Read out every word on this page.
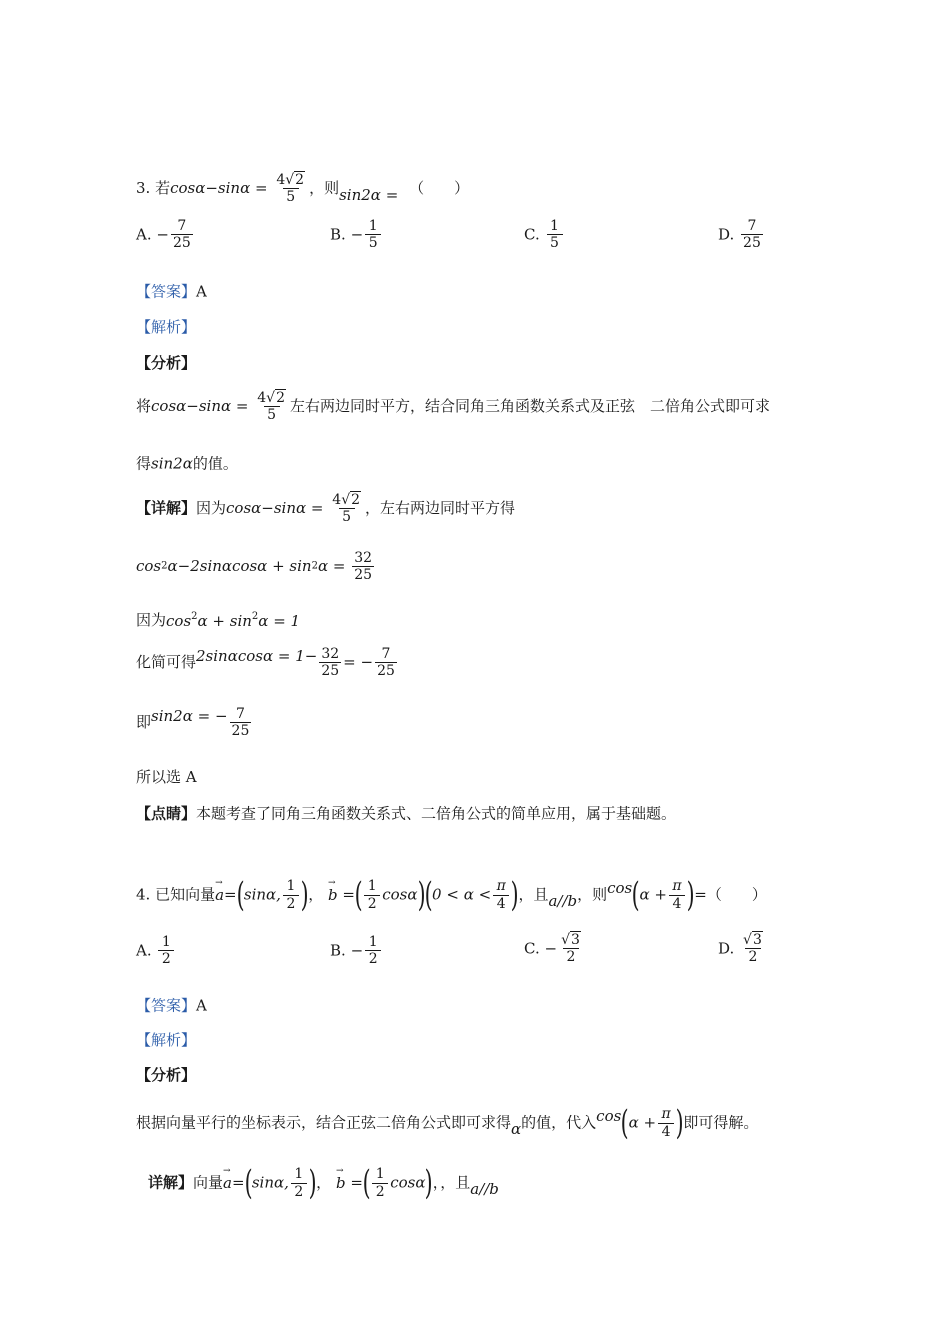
3. 若$\cos\alpha-\sin\alpha = \frac{4√2}{5}$ ，则sin2α = （　　）
A. − $\frac{7}{25}$	B. − $\frac{1}{5}$	C. $\frac{1}{5}$	D. $\frac{7}{25}$
【答案】A
【解析】
【分析】
将$\cos\alpha-\sin\alpha = \frac{4√2}{5}$ 左右两边同时平方，结合同角三角函数关系式及正弦　二倍角公式即可求
得sin2α的值。
【详解】因为$\cos\alpha-\sin\alpha = \frac{4√2}{5}$ ，左右两边同时平方得
$\cos 2\alpha-2\sin\alpha\cos\alpha + \sin 2\alpha = \frac{32}{25}$
因为$\cos^2\alpha + \sin^2\alpha = 1$
化简可得$2\sin\alpha\cos\alpha = 1- \frac{32}{25}$ = − $\frac{7}{25}$
即sin2α = − $\frac{7}{25}$
所以选 A
【点睛】本题考查了同角三角函数关系式、二倍角公式的简单应用，属于基础题。
4. 已知向量→ a=(sinα, $\frac{1}{2}$ )， → b =( $\frac{1}{2} \cos\alpha)(0 < \alpha < \frac{\pi}{4}$ )，且a//b，则$\cos(\alpha + \frac{\pi}{4}$ )=（　　）
A. $\frac{1}{2}$	B. − $\frac{1}{2}$	C. − $\frac{√3}{2}$	D. $\frac{√3}{2}$
【答案】A
【解析】
【分析】
根据向量平行的坐标表示，结合正弦二倍角公式即可求得α的值，代入$\cos(\alpha + \frac{\pi}{4}$ )即可得解。
详解】向量→ a=(sinα, $\frac{1}{2}$ )， → b =( $\frac{1}{2} \cos\alpha$)，，且a//b
